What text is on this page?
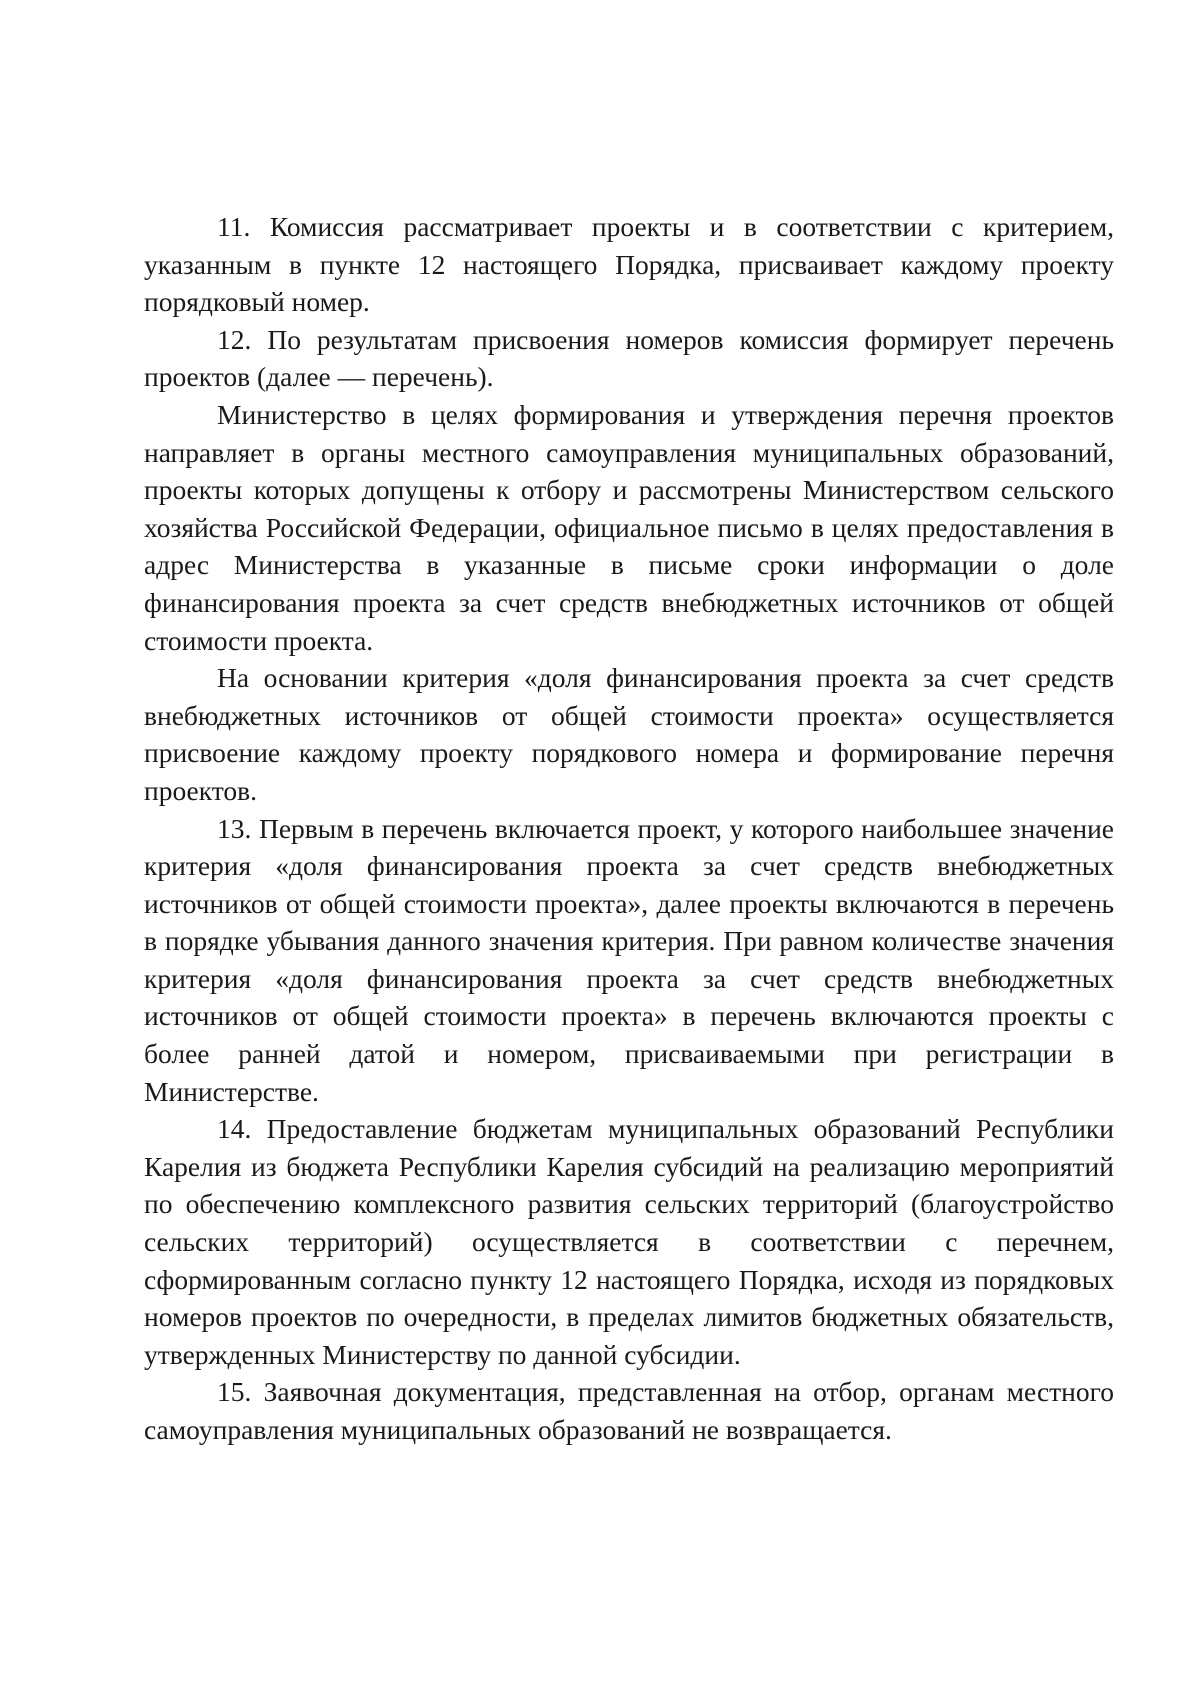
11. Комиссия рассматривает проекты и в соответствии с критерием, указанным в пункте 12 настоящего Порядка, присваивает каждому проекту порядковый номер.

12. По результатам присвоения номеров комиссия формирует перечень проектов (далее — перечень).

Министерство в целях формирования и утверждения перечня проектов направляет в органы местного самоуправления муниципальных образований, проекты которых допущены к отбору и рассмотрены Министерством сельского хозяйства Российской Федерации, официальное письмо в целях предоставления в адрес Министерства в указанные в письме сроки информации о доле финансирования проекта за счет средств внебюджетных источников от общей стоимости проекта.

На основании критерия «доля финансирования проекта за счет средств внебюджетных источников от общей стоимости проекта» осуществляется присвоение каждому проекту порядкового номера и формирование перечня проектов.

13. Первым в перечень включается проект, у которого наибольшее значение критерия «доля финансирования проекта за счет средств внебюджетных источников от общей стоимости проекта», далее проекты включаются в перечень в порядке убывания данного значения критерия. При равном количестве значения критерия «доля финансирования проекта за счет средств внебюджетных источников от общей стоимости проекта» в перечень включаются проекты с более ранней датой и номером, присваиваемыми при регистрации в Министерстве.

14. Предоставление бюджетам муниципальных образований Республики Карелия из бюджета Республики Карелия субсидий на реализацию мероприятий по обеспечению комплексного развития сельских территорий (благоустройство сельских территорий) осуществляется в соответствии с перечнем, сформированным согласно пункту 12 настоящего Порядка, исходя из порядковых номеров проектов по очередности, в пределах лимитов бюджетных обязательств, утвержденных Министерству по данной субсидии.

15. Заявочная документация, представленная на отбор, органам местного самоуправления муниципальных образований не возвращается.
